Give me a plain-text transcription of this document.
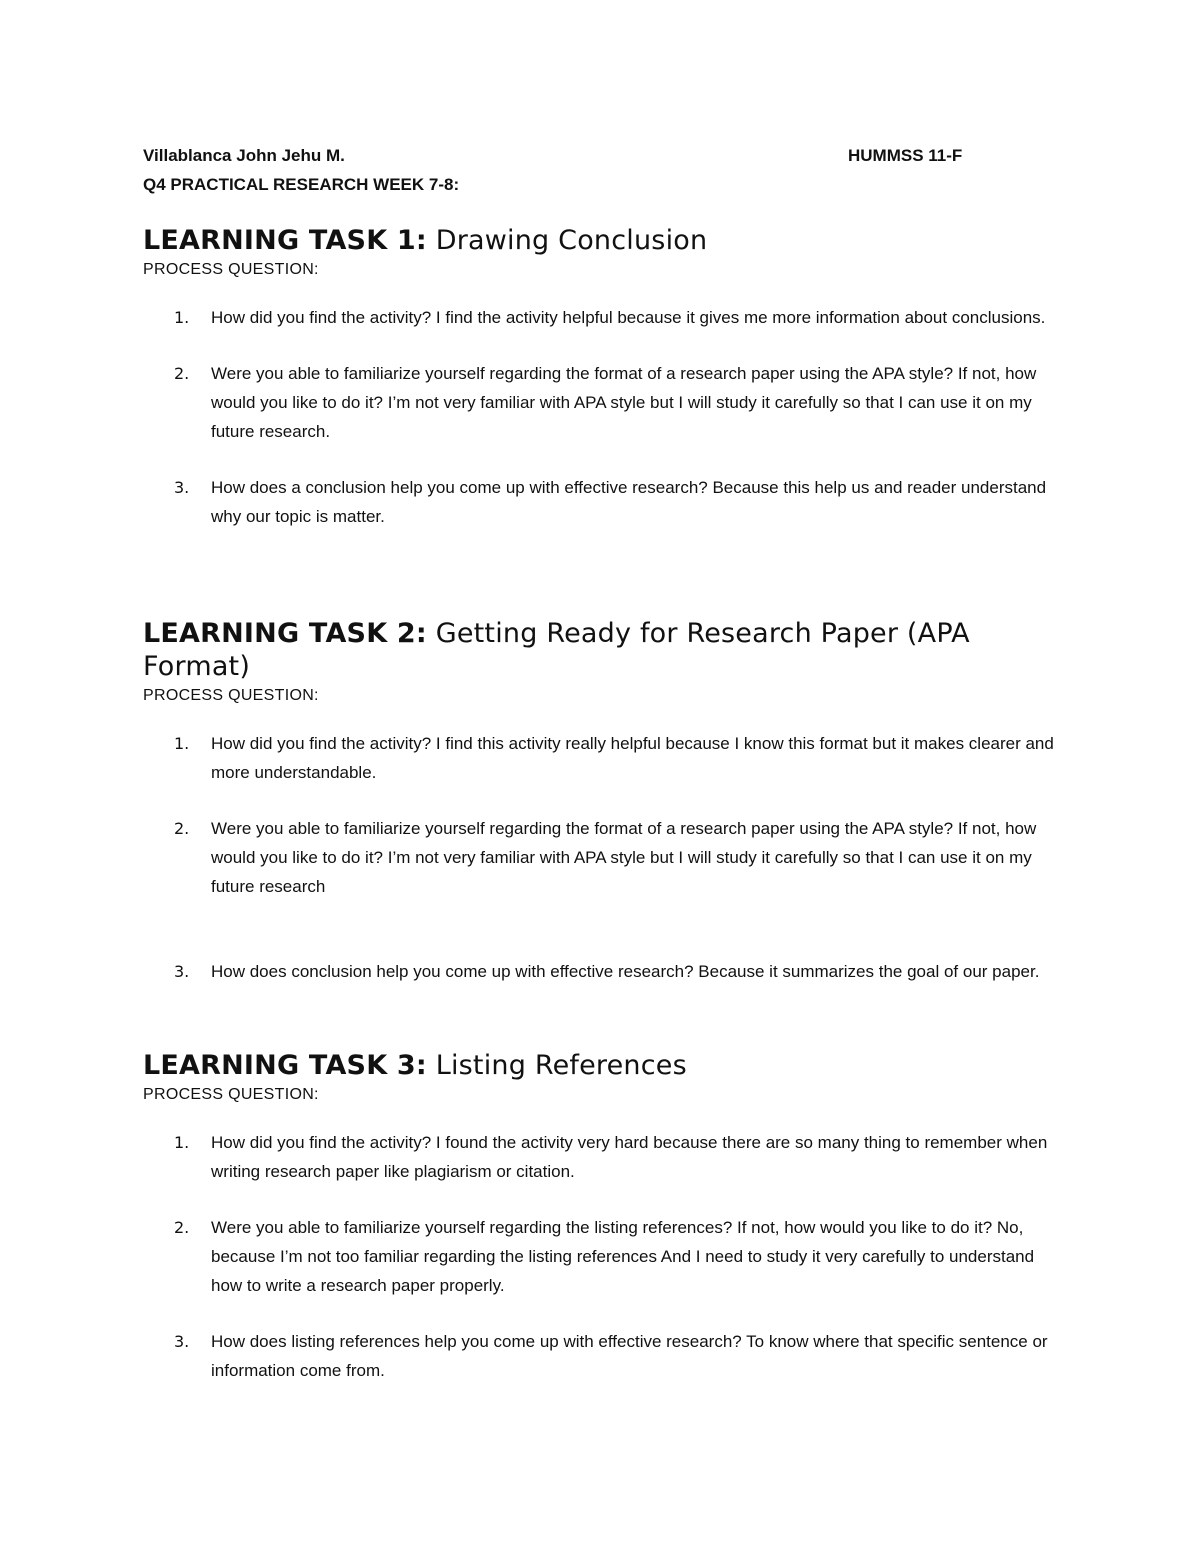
Villablanca John Jehu M.	HUMMSS 11-F
Q4 PRACTICAL RESEARCH WEEK 7-8:
LEARNING TASK 1: Drawing Conclusion
PROCESS QUESTION:
1. How did you find the activity? I find the activity helpful because it gives me more information about conclusions.
2. Were you able to familiarize yourself regarding the format of a research paper using the APA style? If not, how would you like to do it? I’m not very familiar with APA style but I will study it carefully so that I can use it on my future research.
3. How does a conclusion help you come up with effective research? Because this help us and reader understand why our topic is matter.
LEARNING TASK 2: Getting Ready for Research Paper (APA Format)
PROCESS QUESTION:
1. How did you find the activity? I find this activity really helpful because I know this format but it makes clearer and more understandable.
2. Were you able to familiarize yourself regarding the format of a research paper using the APA style? If not, how would you like to do it? I’m not very familiar with APA style but I will study it carefully so that I can use it on my future research
3. How does conclusion help you come up with effective research? Because it summarizes the goal of our paper.
LEARNING TASK 3: Listing References
PROCESS QUESTION:
1. How did you find the activity? I found the activity very hard because there are so many thing to remember when writing research paper like plagiarism or citation.
2. Were you able to familiarize yourself regarding the listing references? If not, how would you like to do it? No, because I’m not too familiar regarding the listing references And I need to study it very carefully to understand how to write a research paper properly.
3. How does listing references help you come up with effective research? To know where that specific sentence or information come from.
